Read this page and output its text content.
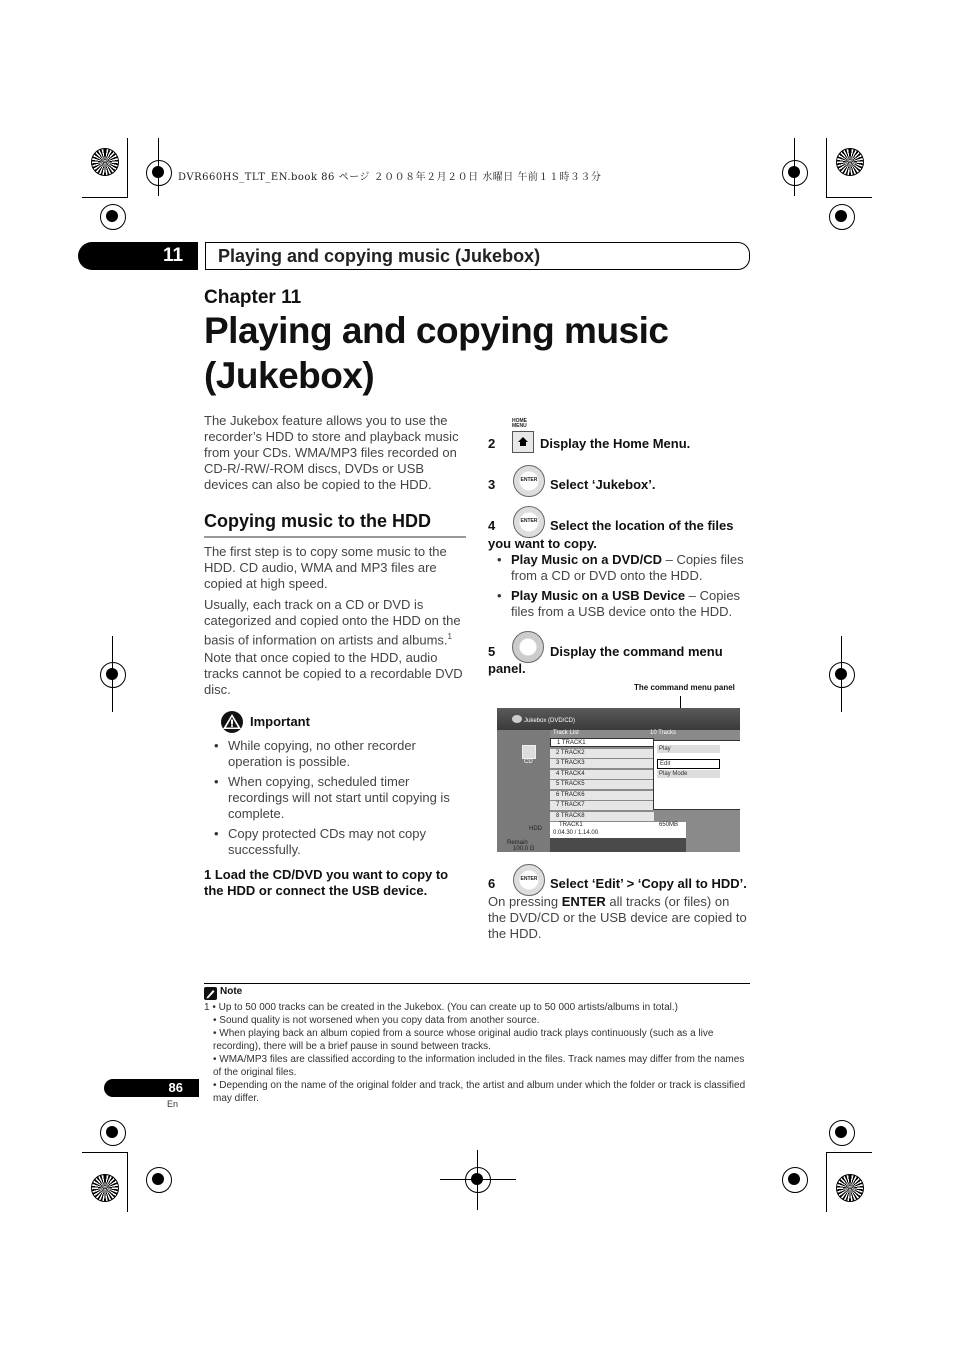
DVR660HS_TLT_EN.book 86 ページ ２００８年２月２０日 水曜日 午前１１時３３分
11	Playing and copying music (Jukebox)
Chapter 11
Playing and copying music
(Jukebox)
The Jukebox feature allows you to use the recorder’s HDD to store and playback music from your CDs. WMA/MP3 files recorded on CD-R/-RW/-ROM discs, DVDs or USB devices can also be copied to the HDD.
Copying music to the HDD
The first step is to copy some music to the HDD. CD audio, WMA and MP3 files are copied at high speed.
Usually, each track on a CD or DVD is categorized and copied onto the HDD on the basis of information on artists and albums.$^1$
Note that once copied to the HDD, audio tracks cannot be copied to a recordable DVD disc.
Important
• While copying, no other recorder operation is possible.
• When copying, scheduled timer recordings will not start until copying is complete.
• Copy protected CDs may not copy successfully.
1 Load the CD/DVD you want to copy to the HDD or connect the USB device.
HOME MENU
2	Display the Home Menu.
ENTER
3	Select ‘Jukebox’.
ENTER
4	Select the location of the files
you want to copy.
• Play Music on a DVD/CD – Copies files from a CD or DVD onto the HDD.
• Play Music on a USB Device – Copies files from a USB device onto the HDD.
5	Display the command menu
panel.
The command menu panel
Jukebox (DVD/CD)
CD
Track List	10 Tracks
1 TRACK1
2 TRACK2
3 TRACK3
4 TRACK4
5 TRACK5
6 TRACK6
7 TRACK7
8 TRACK8
Play
Edit
Play Mode
TRACK1
0.04.30 / 1.14.00
650MB
HDD
Remain
100.0 G
ENTER
6	Select ‘Edit’ > ‘Copy all to HDD’.
On pressing ENTER all tracks (or files) on the DVD/CD or the USB device are copied to the HDD.
Note
1 • Up to 50 000 tracks can be created in the Jukebox. (You can create up to 50 000 artists/albums in total.)
• Sound quality is not worsened when you copy data from another source.
• When playing back an album copied from a source whose original audio track plays continuously (such as a live recording), there will be a brief pause in sound between tracks.
• WMA/MP3 files are classified according to the information included in the files. Track names may differ from the names of the original files.
• Depending on the name of the original folder and track, the artist and album under which the folder or track is classified may differ.
86
En
